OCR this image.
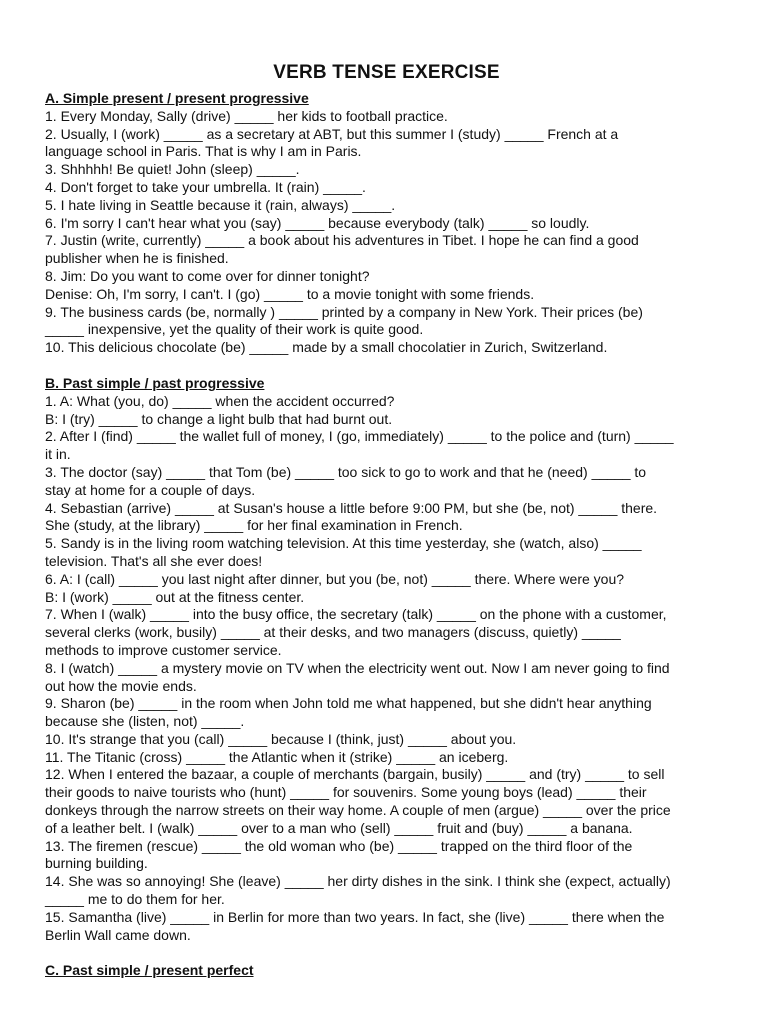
VERB TENSE EXERCISE
A. Simple present / present progressive
1. Every Monday, Sally (drive) _____ her kids to football practice.
2. Usually, I (work) _____ as a secretary at ABT, but this summer I (study) _____ French at a
language school in Paris. That is why I am in Paris.
3. Shhhhh! Be quiet! John (sleep) _____.
4. Don't forget to take your umbrella. It (rain) _____.
5. I hate living in Seattle because it (rain, always) _____.
6. I'm sorry I can't hear what you (say) _____ because everybody (talk) _____ so loudly.
7. Justin (write, currently) _____ a book about his adventures in Tibet. I hope he can find a good
publisher when he is finished.
8. Jim: Do you want to come over for dinner tonight?
Denise: Oh, I'm sorry, I can't. I (go) _____ to a movie tonight with some friends.
9. The business cards (be, normally ) _____ printed by a company in New York. Their prices (be)
_____ inexpensive, yet the quality of their work is quite good.
10. This delicious chocolate (be) _____ made by a small chocolatier in Zurich, Switzerland.
B. Past simple / past progressive
1. A: What (you, do) _____ when the accident occurred?
B: I (try) _____ to change a light bulb that had burnt out.
2. After I (find) _____ the wallet full of money, I (go, immediately) _____ to the police and (turn) _____
it in.
3. The doctor (say) _____ that Tom (be) _____ too sick to go to work and that he (need) _____ to
stay at home for a couple of days.
4. Sebastian (arrive) _____ at Susan's house a little before 9:00 PM, but she (be, not) _____ there.
She (study, at the library) _____ for her final examination in French.
5. Sandy is in the living room watching television. At this time yesterday, she (watch, also) _____
television. That's all she ever does!
6. A: I (call) _____ you last night after dinner, but you (be, not) _____ there. Where were you?
B: I (work) _____ out at the fitness center.
7. When I (walk) _____ into the busy office, the secretary (talk) _____ on the phone with a customer,
several clerks (work, busily) _____ at their desks, and two managers (discuss, quietly) _____
methods to improve customer service.
8. I (watch) _____ a mystery movie on TV when the electricity went out. Now I am never going to find
out how the movie ends.
9. Sharon (be) _____ in the room when John told me what happened, but she didn't hear anything
because she (listen, not) _____.
10. It's strange that you (call) _____ because I (think, just) _____ about you.
11. The Titanic (cross) _____ the Atlantic when it (strike) _____ an iceberg.
12. When I entered the bazaar, a couple of merchants (bargain, busily) _____ and (try) _____ to sell
their goods to naive tourists who (hunt) _____ for souvenirs. Some young boys (lead) _____ their
donkeys through the narrow streets on their way home. A couple of men (argue) _____ over the price
of a leather belt. I (walk) _____ over to a man who (sell) _____ fruit and (buy) _____ a banana.
13. The firemen (rescue) _____ the old woman who (be) _____ trapped on the third floor of the
burning building.
14. She was so annoying! She (leave) _____ her dirty dishes in the sink. I think she (expect, actually)
_____ me to do them for her.
15. Samantha (live) _____ in Berlin for more than two years. In fact, she (live) _____ there when the
Berlin Wall came down.
C. Past simple / present perfect
